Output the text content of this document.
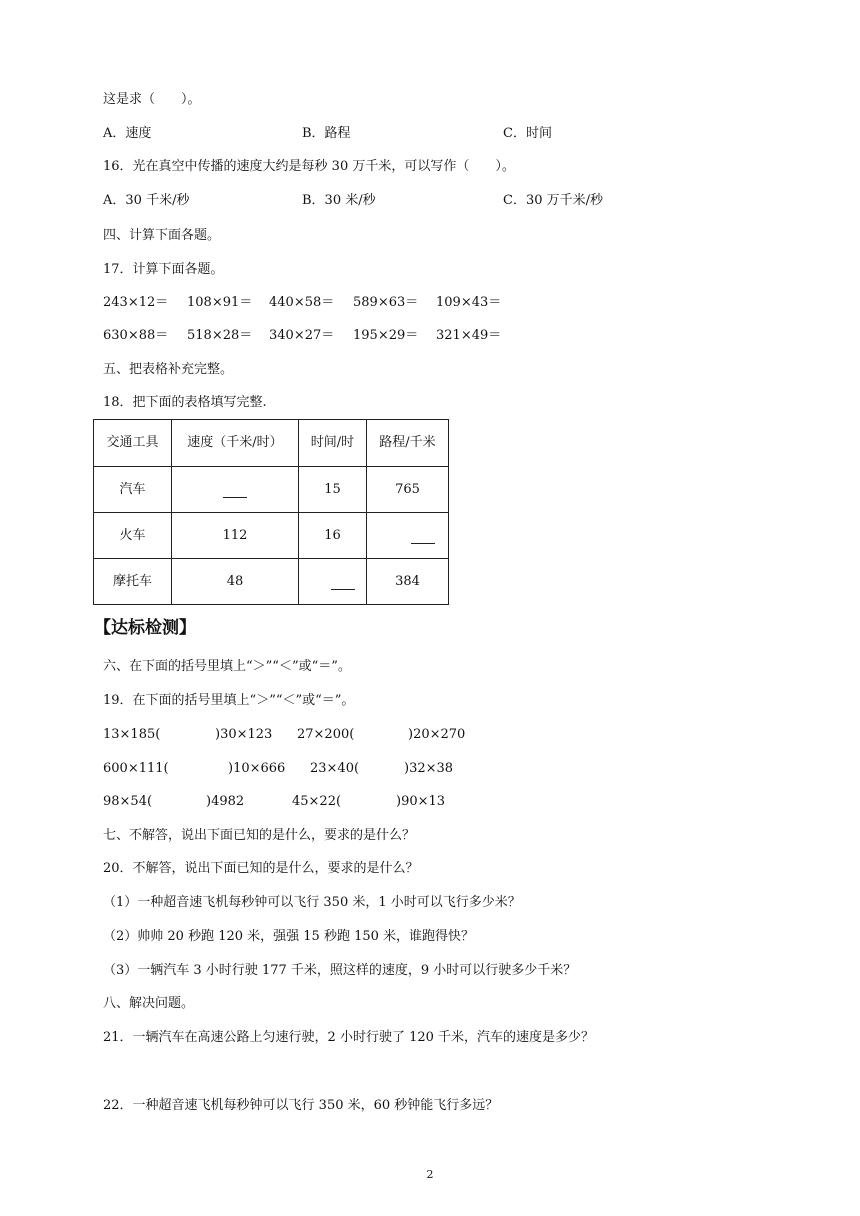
这是求（　　）。
A．速度	B．路程	C．时间
16．光在真空中传播的速度大约是每秒 30 万千米，可以写作（　　）。
A．30 千米/秒	B．30 米/秒	C．30 万千米/秒
四、计算下面各题。
17．计算下面各题。
243×12＝ 108×91＝ 440×58＝ 589×63＝ 109×43＝
630×88＝ 518×28＝ 340×27＝ 195×29＝ 321×49＝
五、把表格补充完整。
18．把下面的表格填写完整.
交通工具	速度（千米/时）	时间/时	路程/千米
汽车		15	765
火车	112	16	
摩托车	48		384
【达标检测】
六、在下面的括号里填上“＞”“＜”或“＝”。
19．在下面的括号里填上“＞”“＜”或“＝”。
13×185(	)30×123 27×200(	)20×270
600×111(	)10×666 23×40(	)32×38
98×54(	)4982	45×22(	)90×13
七、不解答，说出下面已知的是什么，要求的是什么？
20．不解答，说出下面已知的是什么，要求的是什么？
（1）一种超音速飞机每秒钟可以飞行 350 米，1 小时可以飞行多少米？
（2）帅帅 20 秒跑 120 米，强强 15 秒跑 150 米，谁跑得快？
（3）一辆汽车 3 小时行驶 177 千米，照这样的速度，9 小时可以行驶多少千米？
八、解决问题。
21．一辆汽车在高速公路上匀速行驶，2 小时行驶了 120 千米，汽车的速度是多少？
22．一种超音速飞机每秒钟可以飞行 350 米，60 秒钟能飞行多远？
2
